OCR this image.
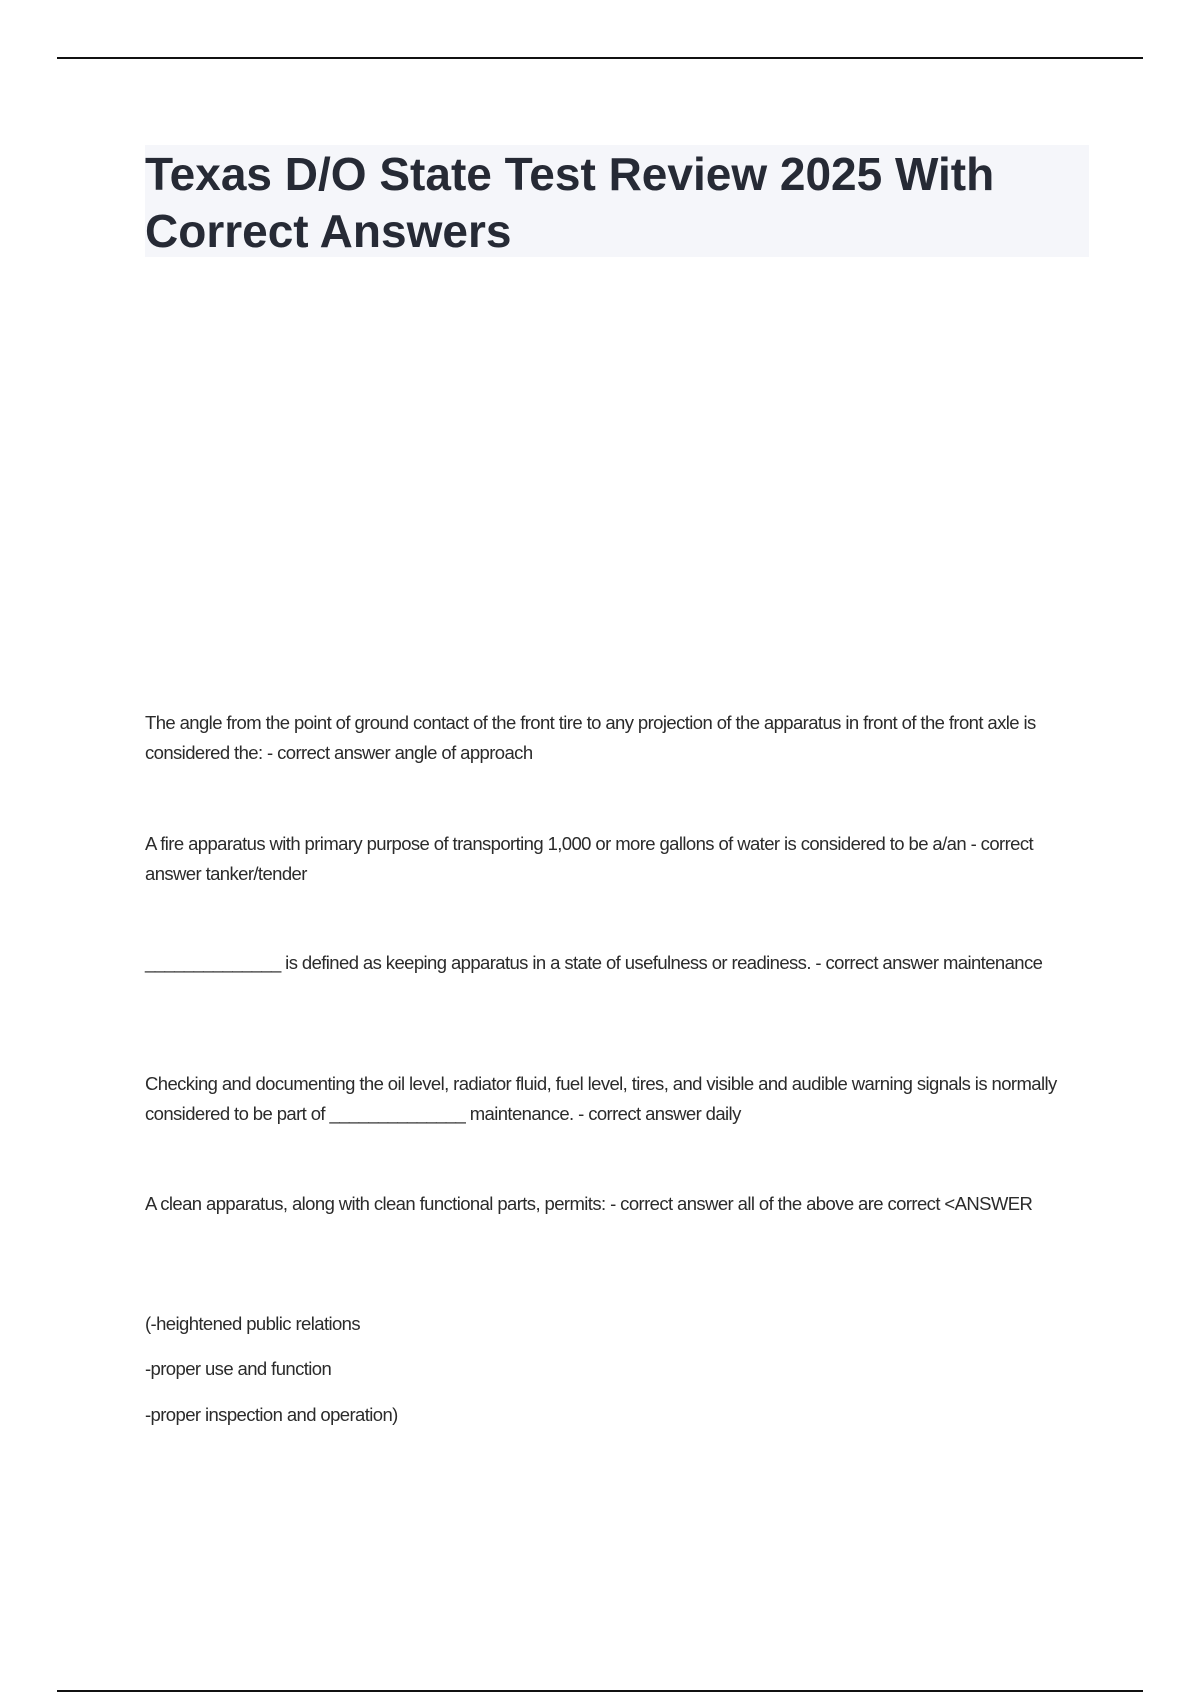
Texas D/O State Test Review 2025 With Correct Answers

The angle from the point of ground contact of the front tire to any projection of the apparatus in front of the front axle is considered the: - correct answer angle of approach

A fire apparatus with primary purpose of transporting 1,000 or more gallons of water is considered to be a/an - correct answer tanker/tender

______________ is defined as keeping apparatus in a state of usefulness or readiness. - correct answer maintenance

Checking and documenting the oil level, radiator fluid, fuel level, tires, and visible and audible warning signals is normally considered to be part of ______________ maintenance. - correct answer daily

A clean apparatus, along with clean functional parts, permits: - correct answer all of the above are correct <ANSWER

(-heightened public relations

-proper use and function

-proper inspection and operation)
